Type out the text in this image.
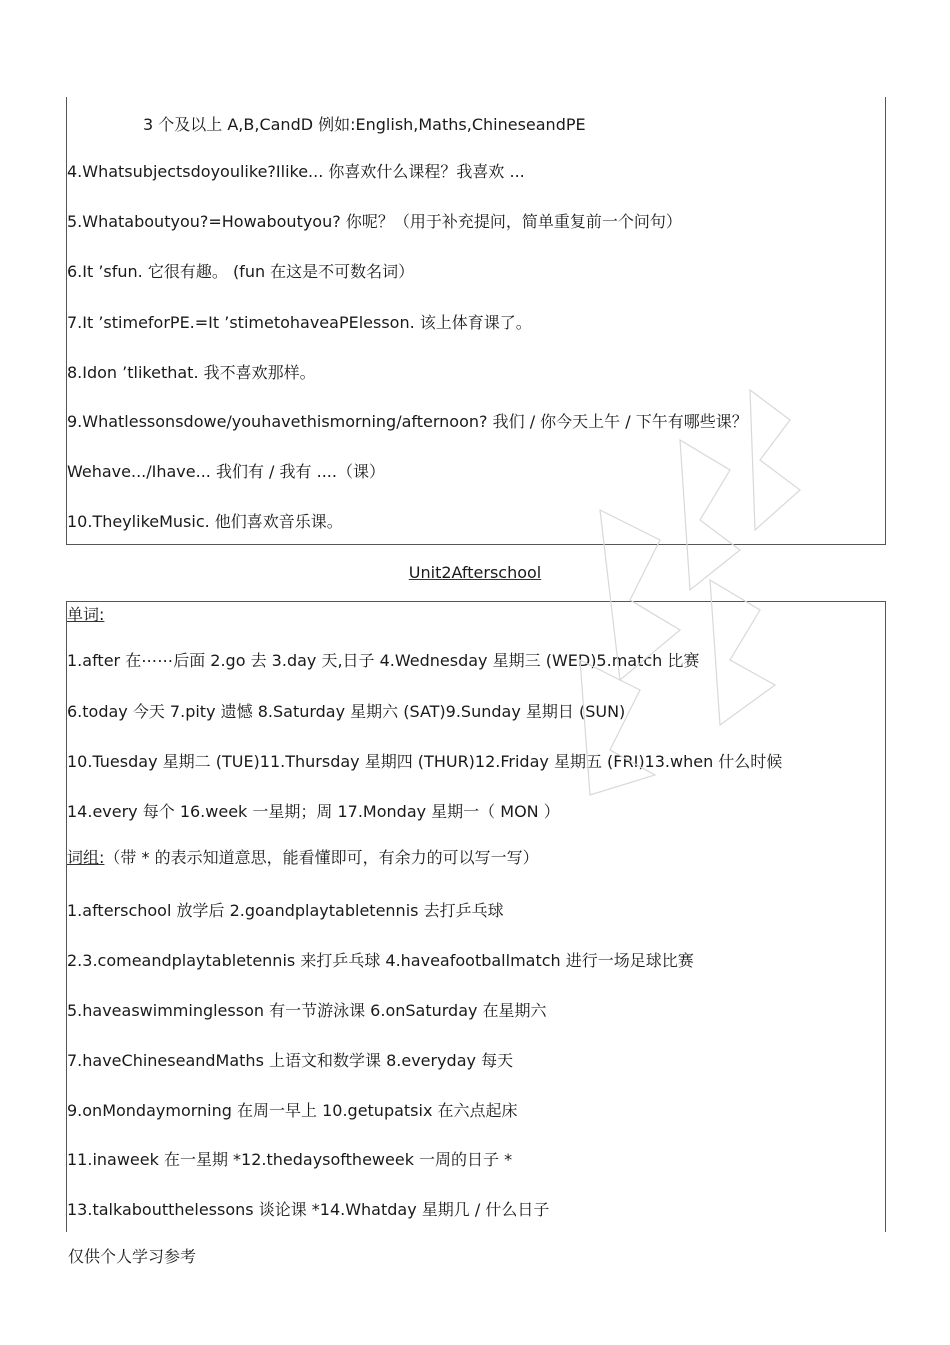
3 个及以上 A,B,CandD 例如:English,Maths,ChineseandPE
4.Whatsubjectsdoyoulike?Ilike... 你喜欢什么课程？我喜欢 ...
5.Whataboutyou?=Howaboutyou? 你呢？（用于补充提问，简单重复前一个问句）
6.It ’sfun. 它很有趣。 (fun 在这是不可数名词）
7.It ’stimeforPE.=It ’stimetohaveaPElesson. 该上体育课了。
8.Idon ’tlikethat. 我不喜欢那样。
9.Whatlessonsdowe/youhavethismorning/afternoon? 我们 / 你今天上午 / 下午有哪些课？
Wehave.../Ihave... 我们有 / 我有 ....（课）
10.TheylikeMusic. 他们喜欢音乐课。
Unit2Afterschool
单词:
1.after 在⋯⋯后面 2.go 去 3.day 天,日子 4.Wednesday 星期三 (WED)5.match 比赛
6.today 今天 7.pity 遗憾 8.Saturday 星期六 (SAT)9.Sunday 星期日 (SUN)
10.Tuesday 星期二 (TUE)11.Thursday 星期四 (THUR)12.Friday 星期五 (FRI)13.when 什么时候
14.every 每个 16.week 一星期；周 17.Monday 星期一（ MON ）
词组:（带 * 的表示知道意思，能看懂即可，有余力的可以写一写）
1.afterschool 放学后 2.goandplaytabletennis 去打乒乓球
2.3.comeandplaytabletennis 来打乒乓球 4.haveafootballmatch 进行一场足球比赛
5.haveaswimminglesson 有一节游泳课 6.onSaturday 在星期六
7.haveChineseandMaths 上语文和数学课 8.everyday 每天
9.onMondaymorning 在周一早上 10.getupatsix 在六点起床
11.inaweek 在一星期 *12.thedaysoftheweek 一周的日子 *
13.talkaboutthelessons 谈论课 *14.Whatday 星期几 / 什么日子
仅供个人学习参考
